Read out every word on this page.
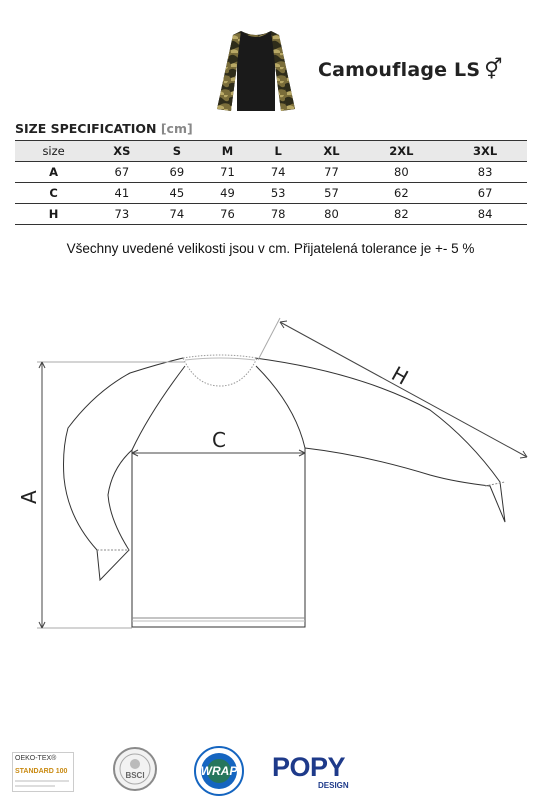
Camouflage LS ⚥
SIZE SPECIFICATION [cm]
size	XS	S	M	L	XL	2XL	3XL
A	67	69	71	74	77	80	83
C	41	45	49	53	57	62	67
H	73	74	76	78	80	82	84
Všechny uvedené velikosti jsou v cm. Přijatelená tolerance je +- 5 %
C
A
H
OEKO-TEX®
STANDARD 100	BSCI	WRAP POPY
DESIGN
